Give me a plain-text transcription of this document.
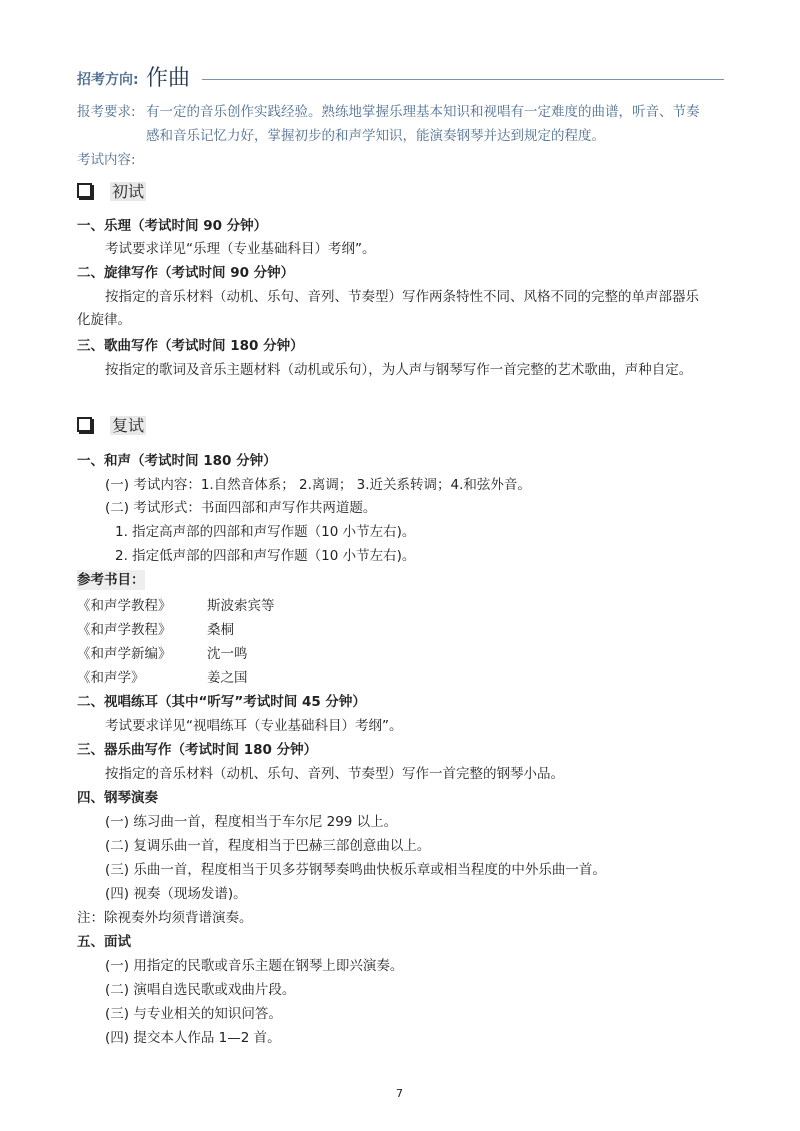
招考方向: 作曲
报考要求: 有一定的音乐创作实践经验。熟练地掌握乐理基本知识和视唱有一定难度的曲谱，听音、节奏
感和音乐记忆力好，掌握初步的和声学知识，能演奏钢琴并达到规定的程度。
考试内容:
初试
一、乐理（考试时间 90 分钟）
考试要求详见“乐理（专业基础科目）考纲”。
二、旋律写作（考试时间 90 分钟）
按指定的音乐材料（动机、乐句、音列、节奏型）写作两条特性不同、风格不同的完整的单声部器乐
化旋律。
三、歌曲写作（考试时间 180 分钟）
按指定的歌词及音乐主题材料（动机或乐句），为人声与钢琴写作一首完整的艺术歌曲，声种自定。
复试
一、和声（考试时间 180 分钟）
(一) 考试内容：1.自然音体系； 2.离调； 3.近关系转调；4.和弦外音。
(二) 考试形式：书面四部和声写作共两道题。
1. 指定高声部的四部和声写作题（10 小节左右)。
2. 指定低声部的四部和声写作题（10 小节左右)。
参考书目：
《和声学教程》	斯波索宾等
《和声学教程》	桑桐
《和声学新编》	沈一鸣
《和声学》	姜之国
二、视唱练耳（其中“听写”考试时间 45 分钟）
考试要求详见“视唱练耳（专业基础科目）考纲”。
三、器乐曲写作（考试时间 180 分钟）
按指定的音乐材料（动机、乐句、音列、节奏型）写作一首完整的钢琴小品。
四、钢琴演奏
(一) 练习曲一首，程度相当于车尔尼 299 以上。
(二) 复调乐曲一首，程度相当于巴赫三部创意曲以上。
(三) 乐曲一首，程度相当于贝多芬钢琴奏鸣曲快板乐章或相当程度的中外乐曲一首。
(四) 视奏（现场发谱)。
注：除视奏外均须背谱演奏。
五、面试
(一) 用指定的民歌或音乐主题在钢琴上即兴演奏。
(二) 演唱自选民歌或戏曲片段。
(三) 与专业相关的知识问答。
(四) 提交本人作品 1—2 首。
7
